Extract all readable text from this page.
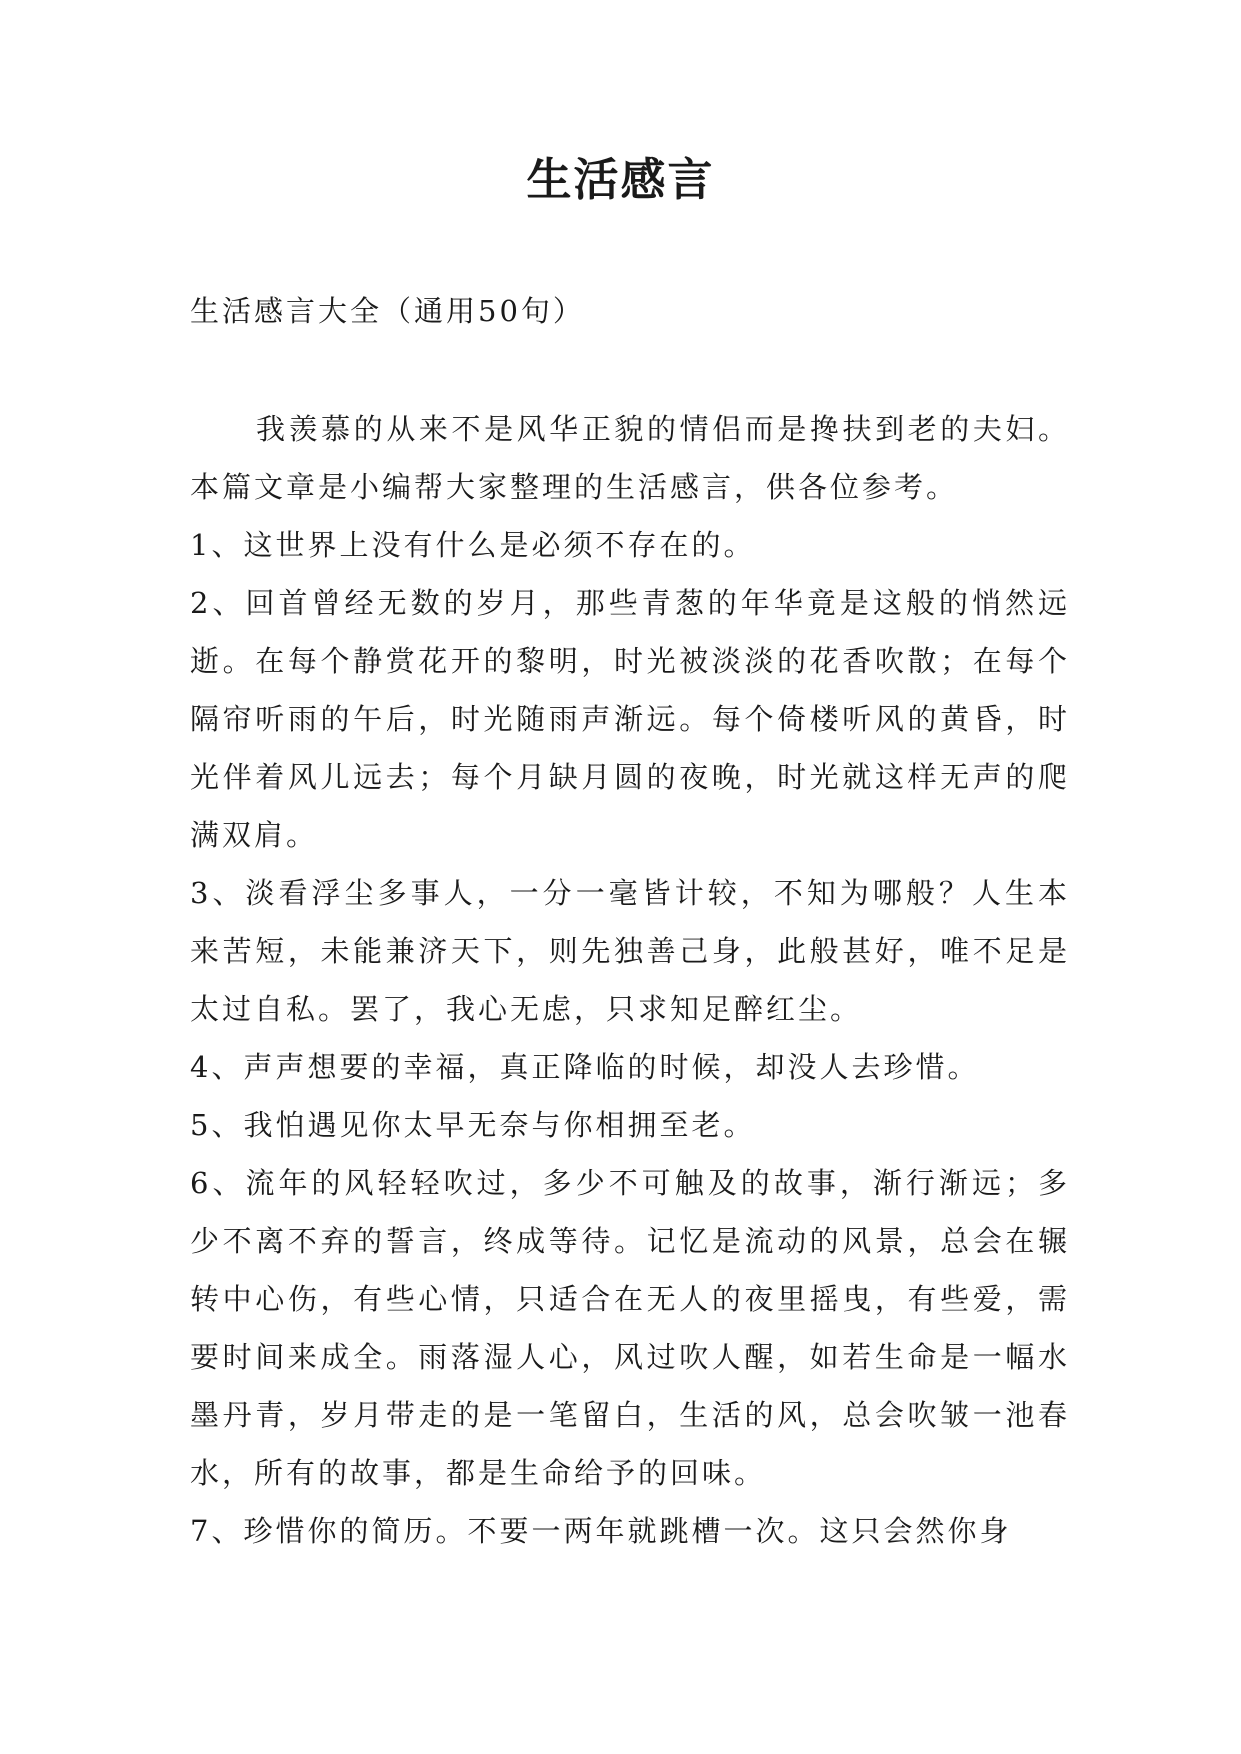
生活感言

生活感言大全（通用50句）

我羡慕的从来不是风华正貌的情侣而是搀扶到老的夫妇。本篇文章是小编帮大家整理的生活感言，供各位参考。

1、这世界上没有什么是必须不存在的。

2、回首曾经无数的岁月，那些青葱的年华竟是这般的悄然远逝。在每个静赏花开的黎明，时光被淡淡的花香吹散；在每个隔帘听雨的午后，时光随雨声渐远。每个倚楼听风的黄昏，时光伴着风儿远去；每个月缺月圆的夜晚，时光就这样无声的爬满双肩。

3、淡看浮尘多事人，一分一毫皆计较，不知为哪般？人生本来苦短，未能兼济天下，则先独善己身，此般甚好，唯不足是太过自私。罢了，我心无虑，只求知足醉红尘。

4、声声想要的幸福，真正降临的时候，却没人去珍惜。

5、我怕遇见你太早无奈与你相拥至老。

6、流年的风轻轻吹过，多少不可触及的故事，渐行渐远；多少不离不弃的誓言，终成等待。记忆是流动的风景，总会在辗转中心伤，有些心情，只适合在无人的夜里摇曳，有些爱，需要时间来成全。雨落湿人心，风过吹人醒，如若生命是一幅水墨丹青，岁月带走的是一笔留白，生活的风，总会吹皱一池春水，所有的故事，都是生命给予的回味。

7、珍惜你的简历。不要一两年就跳槽一次。这只会然你身
